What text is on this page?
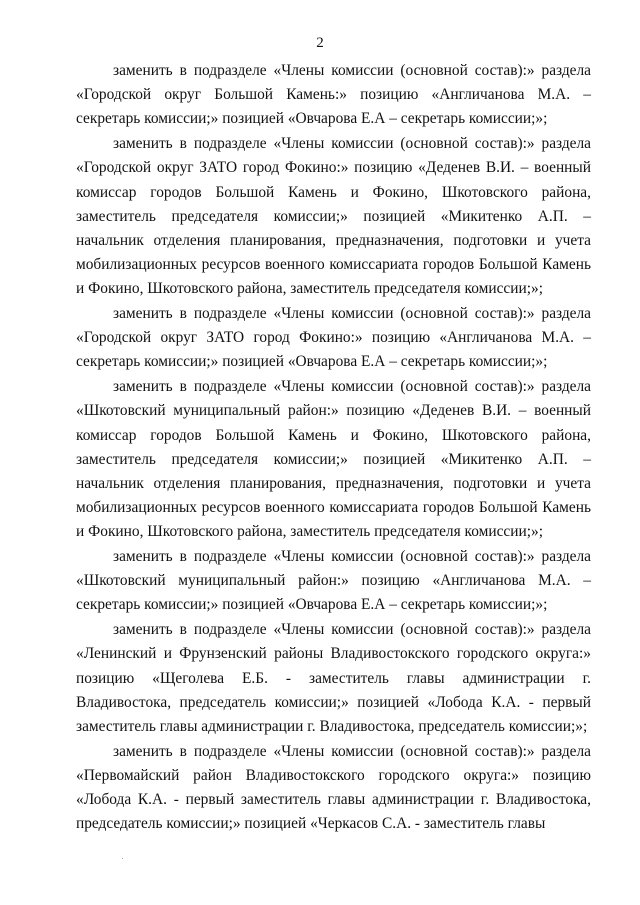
2

заменить в подразделе «Члены комиссии (основной состав):» раздела «Городской округ Большой Камень:» позицию «Англичанова М.А. – секретарь комиссии;» позицией «Овчарова Е.А – секретарь комиссии;»;

заменить в подразделе «Члены комиссии (основной состав):» раздела «Городской округ ЗАТО город Фокино:» позицию «Деденев В.И. – военный комиссар городов Большой Камень и Фокино, Шкотовского района, заместитель председателя комиссии;» позицией «Микитенко А.П. – начальник отделения планирования, предназначения, подготовки и учета мобилизационных ресурсов военного комиссариата городов Большой Камень и Фокино, Шкотовского района, заместитель председателя комиссии;»;

заменить в подразделе «Члены комиссии (основной состав):» раздела «Городской округ ЗАТО город Фокино:» позицию «Англичанова М.А. – секретарь комиссии;» позицией «Овчарова Е.А – секретарь комиссии;»;

заменить в подразделе «Члены комиссии (основной состав):» раздела «Шкотовский муниципальный район:» позицию «Деденев В.И. – военный комиссар городов Большой Камень и Фокино, Шкотовского района, заместитель председателя комиссии;» позицией «Микитенко А.П. – начальник отделения планирования, предназначения, подготовки и учета мобилизационных ресурсов военного комиссариата городов Большой Камень и Фокино, Шкотовского района, заместитель председателя комиссии;»;

заменить в подразделе «Члены комиссии (основной состав):» раздела «Шкотовский муниципальный район:» позицию «Англичанова М.А. – секретарь комиссии;» позицией «Овчарова Е.А – секретарь комиссии;»;

заменить в подразделе «Члены комиссии (основной состав):» раздела «Ленинский и Фрунзенский районы Владивостокского городского округа:» позицию «Щеголева Е.Б. - заместитель главы администрации г. Владивостока, председатель комиссии;» позицией «Лобода К.А. - первый заместитель главы администрации г. Владивостока, председатель комиссии;»;

заменить в подразделе «Члены комиссии (основной состав):» раздела «Первомайский район Владивостокского городского округа:» позицию «Лобода К.А. - первый заместитель главы администрации г. Владивостока, председатель комиссии;» позицией «Черкасов С.А. - заместитель главы
